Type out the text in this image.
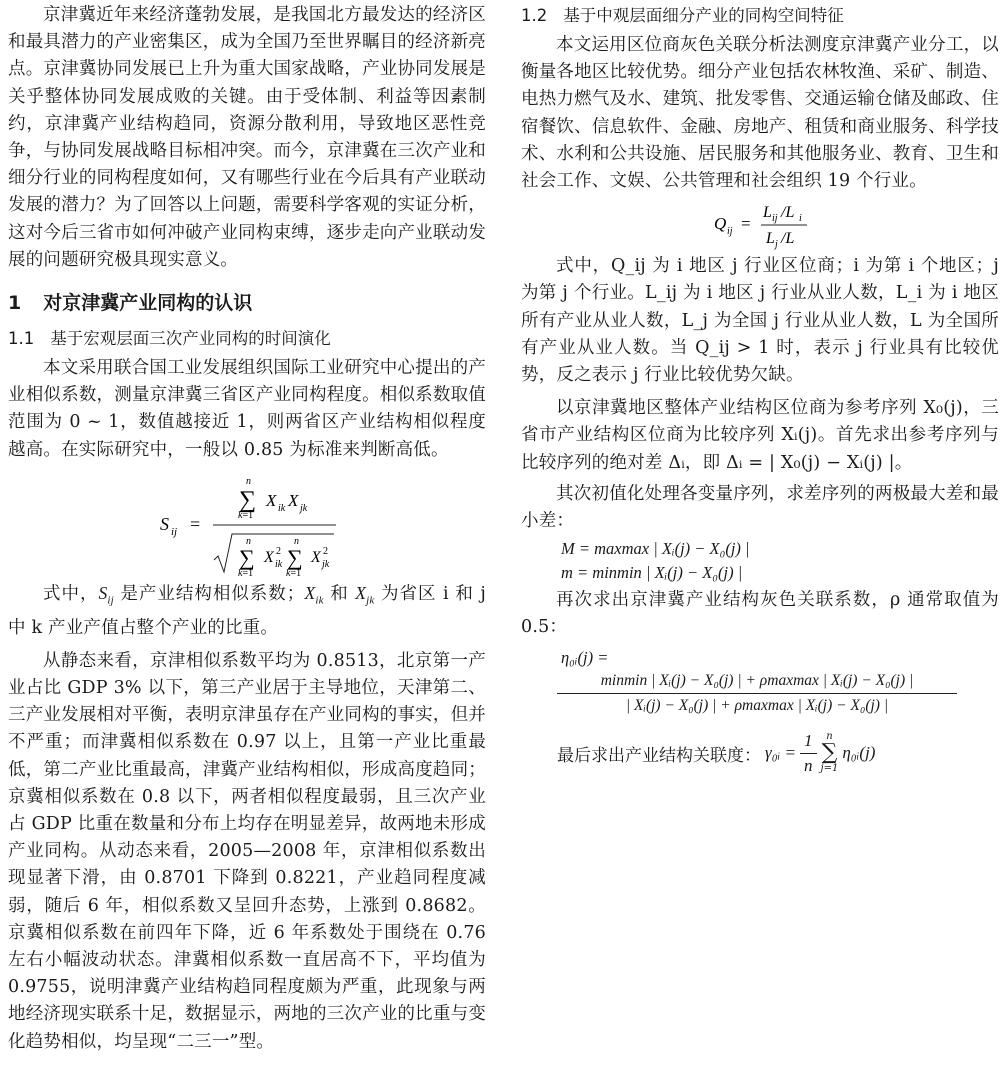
京津冀近年来经济蓬勃发展，是我国北方最发达的经济区和最具潜力的产业密集区，成为全国乃至世界瞩目的经济新亮点。京津冀协同发展已上升为重大国家战略，产业协同发展是关乎整体协同发展成败的关键。由于受体制、利益等因素制约，京津冀产业结构趋同，资源分散利用，导致地区恶性竞争，与协同发展战略目标相冲突。而今，京津冀在三次产业和细分行业的同构程度如何，又有哪些行业在今后具有产业联动发展的潜力？为了回答以上问题，需要科学客观的实证分析，这对今后三省市如何冲破产业同构束缚，逐步走向产业联动发展的问题研究极具现实意义。

1 对京津冀产业同构的认识
1.1 基于宏观层面三次产业同构的时间演化

本文采用联合国工业发展组织国际工业研究中心提出的产业相似系数，测量京津冀三省区产业同构程度。相似系数取值范围为 0 ~ 1，数值越接近 1，则两省区产业结构相似程度越高。在实际研究中，一般以 0.85 为标准来判断高低。

S ij =
n
∑
k=1
X ik X jk
n
∑
k=1
X 2
ik
n
∑
k=1
X 2
jk

式中，$S_{ij}$ 是产业结构相似系数；$X_{ik}$ 和 $X_{jk}$ 为省区 i 和 j 中 k 产业产值占整个产业的比重。

从静态来看，京津相似系数平均为 0.8513，北京第一产业占比 GDP 3% 以下，第三产业居于主导地位，天津第二、三产业发展相对平衡，表明京津虽存在产业同构的事实，但并不严重；而津冀相似系数在 0.97 以上，且第一产业比重最低，第二产业比重最高，津冀产业结构相似，形成高度趋同；京冀相似系数在 0.8 以下，两者相似程度最弱，且三次产业占 GDP 比重在数量和分布上均存在明显差异，故两地未形成产业同构。从动态来看，2005—2008 年，京津相似系数出现显著下滑，由 0.8701 下降到 0.8221，产业趋同程度减弱，随后 6 年，相似系数又呈回升态势，上涨到 0.8682。京冀相似系数在前四年下降，近 6 年系数处于围绕在 0.76 左右小幅波动状态。津冀相似系数一直居高不下，平均值为 0.9755，说明津冀产业结构趋同程度颇为严重，此现象与两地经济现实联系十足，数据显示，两地的三次产业的比重与变化趋势相似，均呈现“二三一”型。

1.2 基于中观层面细分产业的同构空间特征

本文运用区位商灰色关联分析法测度京津冀产业分工，以衡量各地区比较优势。细分产业包括农林牧渔、采矿、制造、电热力燃气及水、建筑、批发零售、交通运输仓储及邮政、住宿餐饮、信息软件、金融、房地产、租赁和商业服务、科学技术、水利和公共设施、居民服务和其他服务业、教育、卫生和社会工作、文娱、公共管理和社会组织 19 个行业。

Q ij =
L ij /L i
L j /L

式中，Q_ij 为 i 地区 j 行业区位商；i 为第 i 个地区；j 为第 j 个行业。L_ij 为 i 地区 j 行业从业人数，L_i 为 i 地区所有产业从业人数，L_j 为全国 j 行业从业人数，L 为全国所有产业从业人数。当 Q_ij > 1 时，表示 j 行业具有比较优势，反之表示 j 行业比较优势欠缺。

以京津冀地区整体产业结构区位商为参考序列 X₀(j)，三省市产业结构区位商为比较序列 Xᵢ(j)。首先求出参考序列与比较序列的绝对差 Δᵢ，即 Δᵢ = | X₀(j) − Xᵢ(j) |。

其次初值化处理各变量序列，求差序列的两极最大差和最小差：

M = maxmax | Xᵢ(j) − X₀(j) |
m = minmin | Xᵢ(j) − X₀(j) |

再次求出京津冀产业结构灰色关联系数，ρ 通常取值为 0.5：

η₀ᵢ(j) =
minmin | Xᵢ(j) − X₀(j) | + ρmaxmax | Xᵢ(j) − X₀(j) |
| Xᵢ(j) − X₀(j) | + ρmaxmax | Xᵢ(j) − X₀(j) |
最后求出产业结构关联度： γ₀ᵢ = $\frac{1}{n}$ n
∑
j=1
η₀ᵢ(j)
